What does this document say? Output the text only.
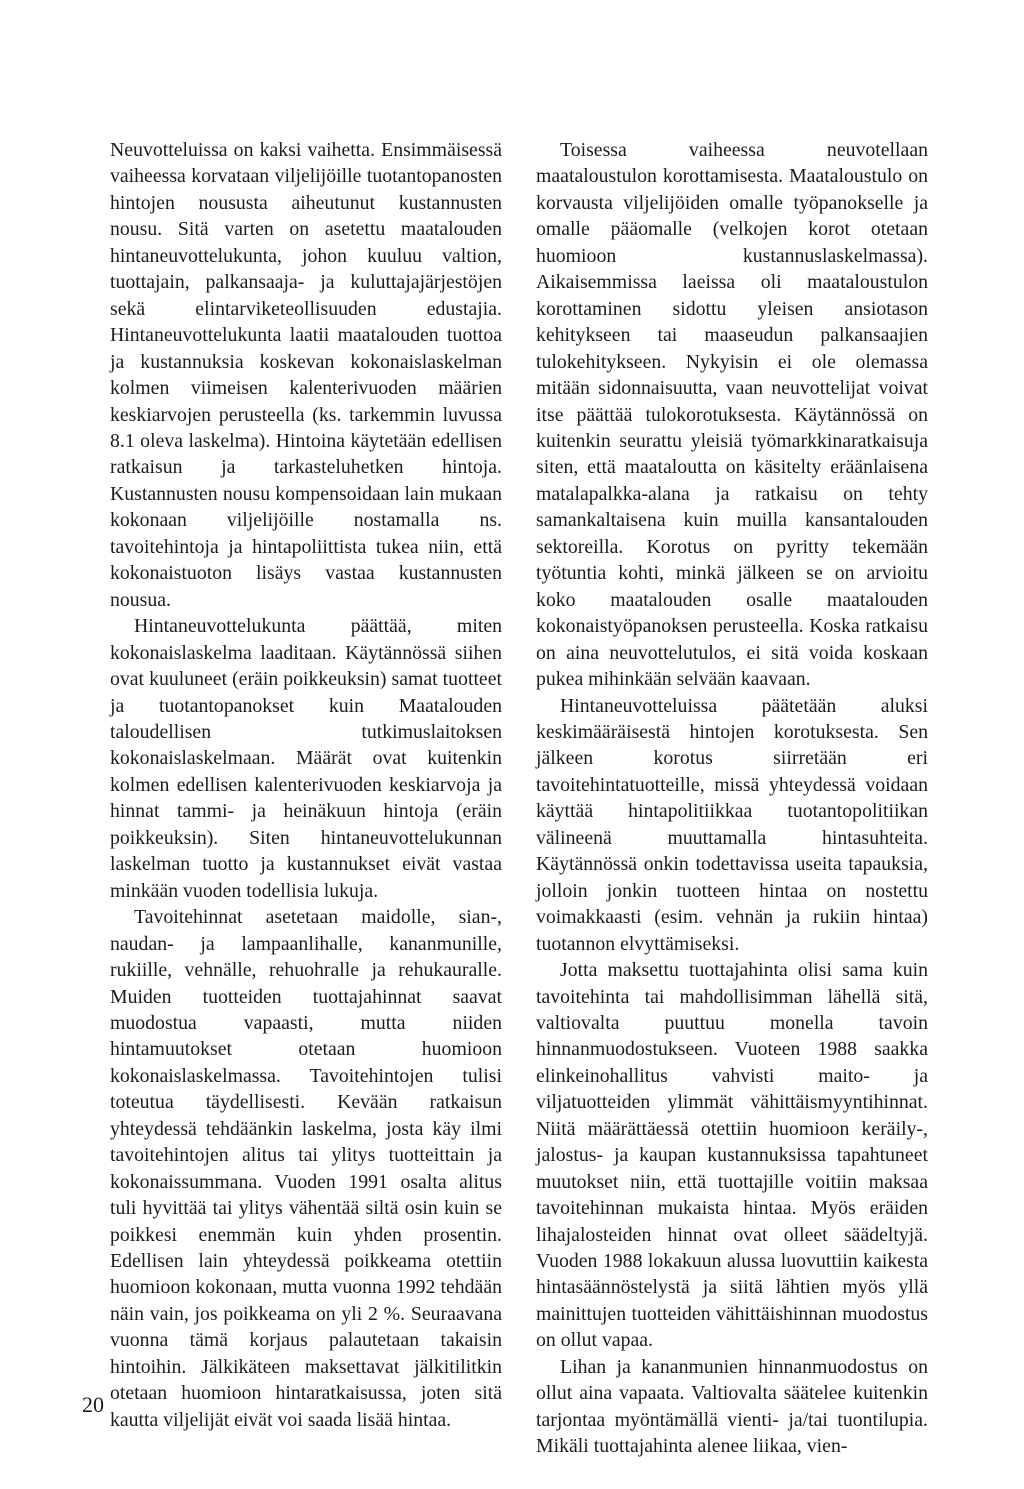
Neuvotteluissa on kaksi vaihetta. Ensimmäisessä vaiheessa korvataan viljelijöille tuotantopanosten hintojen noususta aiheutunut kustannusten nousu. Sitä varten on asetettu maatalouden hintaneuvottelukunta, johon kuuluu valtion, tuottajain, palkansaaja- ja kuluttajajärjestöjen sekä elintarviketeollisuuden edustajia. Hintaneuvottelukunta laatii maatalouden tuottoa ja kustannuksia koskevan kokonaislaskelman kolmen viimeisen kalenterivuoden määrien keskiarvojen perusteella (ks. tarkemmin luvussa 8.1 oleva laskelma). Hintoina käytetään edellisen ratkaisun ja tarkasteluhetken hintoja. Kustannusten nousu kompensoidaan lain mukaan kokonaan viljelijöille nostamalla ns. tavoitehintoja ja hintapoliittista tukea niin, että kokonaistuoton lisäys vastaa kustannusten nousua.

Hintaneuvottelukunta päättää, miten kokonaislaskelma laaditaan. Käytännössä siihen ovat kuuluneet (eräin poikkeuksin) samat tuotteet ja tuotantopanokset kuin Maatalouden taloudellisen tutkimuslaitoksen kokonaislaskelmaan. Määrät ovat kuitenkin kolmen edellisen kalenterivuoden keskiarvoja ja hinnat tammi- ja heinäkuun hintoja (eräin poikkeuksin). Siten hintaneuvottelukunnan laskelman tuotto ja kustannukset eivät vastaa minkään vuoden todellisia lukuja.

Tavoitehinnat asetetaan maidolle, sian-, naudan- ja lampaanlihalle, kananmunille, rukiille, vehnälle, rehuohralle ja rehukauralle. Muiden tuotteiden tuottajahinnat saavat muodostua vapaasti, mutta niiden hintamuutokset otetaan huomioon kokonaislaskelmassa. Tavoitehintojen tulisi toteutua täydellisesti. Kevään ratkaisun yhteydessä tehdäänkin laskelma, josta käy ilmi tavoitehintojen alitus tai ylitys tuotteittain ja kokonaissummana. Vuoden 1991 osalta alitus tuli hyvittää tai ylitys vähentää siltä osin kuin se poikkesi enemmän kuin yhden prosentin. Edellisen lain yhteydessä poikkeama otettiin huomioon kokonaan, mutta vuonna 1992 tehdään näin vain, jos poikkeama on yli 2 %. Seuraavana vuonna tämä korjaus palautetaan takaisin hintoihin. Jälkikäteen maksettavat jälkitilitkin otetaan huomioon hintaratkaisussa, joten sitä kautta viljelijät eivät voi saada lisää hintaa.

Toisessa vaiheessa neuvotellaan maataloustulon korottamisesta. Maataloustulo on korvausta viljelijöiden omalle työpanokselle ja omalle pääomalle (velkojen korot otetaan huomioon kustannuslaskelmassa). Aikaisemmissa laeissa oli maataloustulon korottaminen sidottu yleisen ansiotason kehitykseen tai maaseudun palkansaajien tulokehitykseen. Nykyisin ei ole olemassa mitään sidonnaisuutta, vaan neuvottelijat voivat itse päättää tulokorotuksesta. Käytännössä on kuitenkin seurattu yleisiä työmarkkinaratkaisuja siten, että maataloutta on käsitelty eräänlaisena matalapalkka-alana ja ratkaisu on tehty samankaltaisena kuin muilla kansantalouden sektoreilla. Korotus on pyritty tekemään työtuntia kohti, minkä jälkeen se on arvioitu koko maatalouden osalle maatalouden kokonaistyöpanoksen perusteella. Koska ratkaisu on aina neuvottelutulos, ei sitä voida koskaan pukea mihinkään selvään kaavaan.

Hintaneuvotteluissa päätetään aluksi keskimääräisestä hintojen korotuksesta. Sen jälkeen korotus siirretään eri tavoitehintatuotteille, missä yhteydessä voidaan käyttää hintapolitiikkaa tuotantopolitiikan välineenä muuttamalla hintasuhteita. Käytännössä onkin todettavissa useita tapauksia, jolloin jonkin tuotteen hintaa on nostettu voimakkaasti (esim. vehnän ja rukiin hintaa) tuotannon elvyttämiseksi.

Jotta maksettu tuottajahinta olisi sama kuin tavoitehinta tai mahdollisimman lähellä sitä, valtiovalta puuttuu monella tavoin hinnanmuodostukseen. Vuoteen 1988 saakka elinkeinohallitus vahvisti maito- ja viljatuotteiden ylimmät vähittäismyyntihinnat. Niitä määrättäessä otettiin huomioon keräily-, jalostus- ja kaupan kustannuksissa tapahtuneet muutokset niin, että tuottajille voitiin maksaa tavoitehinnan mukaista hintaa. Myös eräiden lihajalosteiden hinnat ovat olleet säädeltyjä. Vuoden 1988 lokakuun alussa luovuttiin kaikesta hintasäännöstelystä ja siitä lähtien myös yllä mainittujen tuotteiden vähittäishinnan muodostus on ollut vapaa.

Lihan ja kananmunien hinnanmuodostus on ollut aina vapaata. Valtiovalta säätelee kuitenkin tarjontaa myöntämällä vienti- ja/tai tuontilupia. Mikäli tuottajahinta alenee liikaa, vien-

20
